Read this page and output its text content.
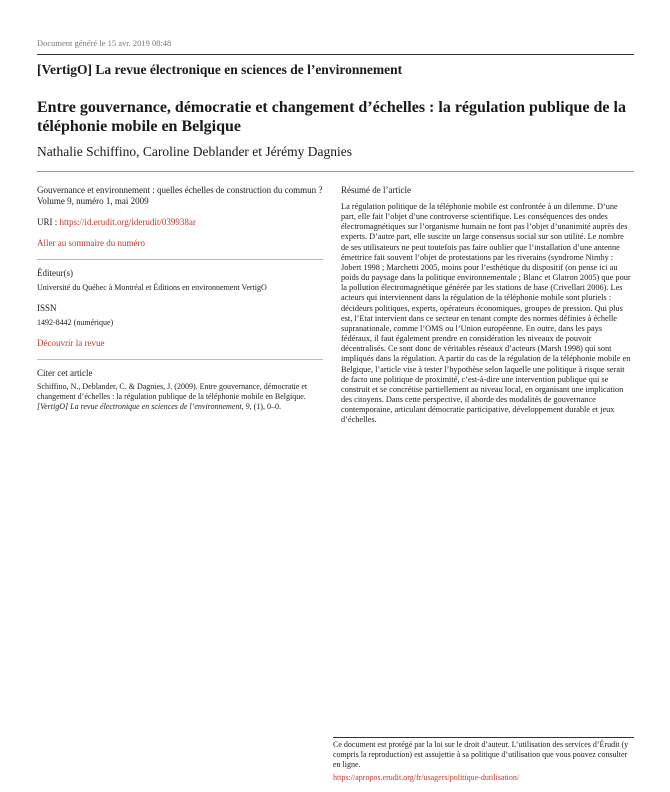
Document généré le 15 avr. 2019 08:48
[VertigO] La revue électronique en sciences de l’environnement
Entre gouvernance, démocratie et changement d’échelles : la régulation publique de la téléphonie mobile en Belgique
Nathalie Schiffino, Caroline Deblander et Jérémy Dagnies
Gouvernance et environnement : quelles échelles de construction du commun ?
Volume 9, numéro 1, mai 2009
URI : https://id.erudit.org/iderudit/039938ar
Aller au sommaire du numéro
Éditeur(s)
Université du Québec à Montréal et Éditions en environnement VertigO
ISSN
1492-8442 (numérique)
Découvrir la revue
Citer cet article
Schiffino, N., Deblander, C. & Dagnies, J. (2009). Entre gouvernance, démocratie et changement d’échelles : la régulation publique de la téléphonie mobile en Belgique. [VertigO] La revue électronique en sciences de l’environnement, 9, (1), 0–0.
Résumé de l’article

La régulation politique de la téléphonie mobile est confrontée à un dilemme. D’une part, elle fait l’objet d’une controverse scientifique. Les conséquences des ondes électromagnétiques sur l’organisme humain ne font pas l’objet d’unanimité auprès des experts. D’autre part, elle suscite un large consensus social sur son utilité. Le nombre de ses utilisateurs ne peut toutefois pas faire oublier que l’installation d’une antenne émettrice fait souvent l’objet de protestations par les riverains (syndrome Nimby : Jobert 1998 ; Marchetti 2005, moins pour l’esthétique du dispositif (on pense ici au poids du paysage dans la politique environnementale ; Blanc et Glatron 2005) que pour la pollution électromagnétique générée par les stations de base (Crivellari 2006). Les acteurs qui interviennent dans la régulation de la téléphonie mobile sont pluriels : décideurs politiques, experts, opérateurs économiques, groupes de pression. Qui plus est, l’Etat intervient dans ce secteur en tenant compte des normes définies à échelle supranationale, comme l’OMS ou l’Union européenne. En outre, dans les pays fédéraux, il faut également prendre en considération les niveaux de pouvoir décentralisés. Ce sont donc de véritables réseaux d’acteurs (Marsh 1998) qui sont impliqués dans la régulation. A partir du cas de la régulation de la téléphonie mobile en Belgique, l’article vise à tester l’hypothèse selon laquelle une politique à risque serait de facto une politique de proximité, c’est-à-dire une intervention publique qui se construit et se concrétise partiellement au niveau local, en organisant une implication des citoyens. Dans cette perspective, il aborde des modalités de gouvernance contemporaine, articulant démocratie participative, développement durable et jeux d’échelles.

Ce document est protégé par la loi sur le droit d’auteur. L’utilisation des services d’Érudit (y compris la reproduction) est assujettie à sa politique d’utilisation que vous pouvez consulter en ligne.
https://apropos.erudit.org/fr/usagers/politique-dutilisation/
